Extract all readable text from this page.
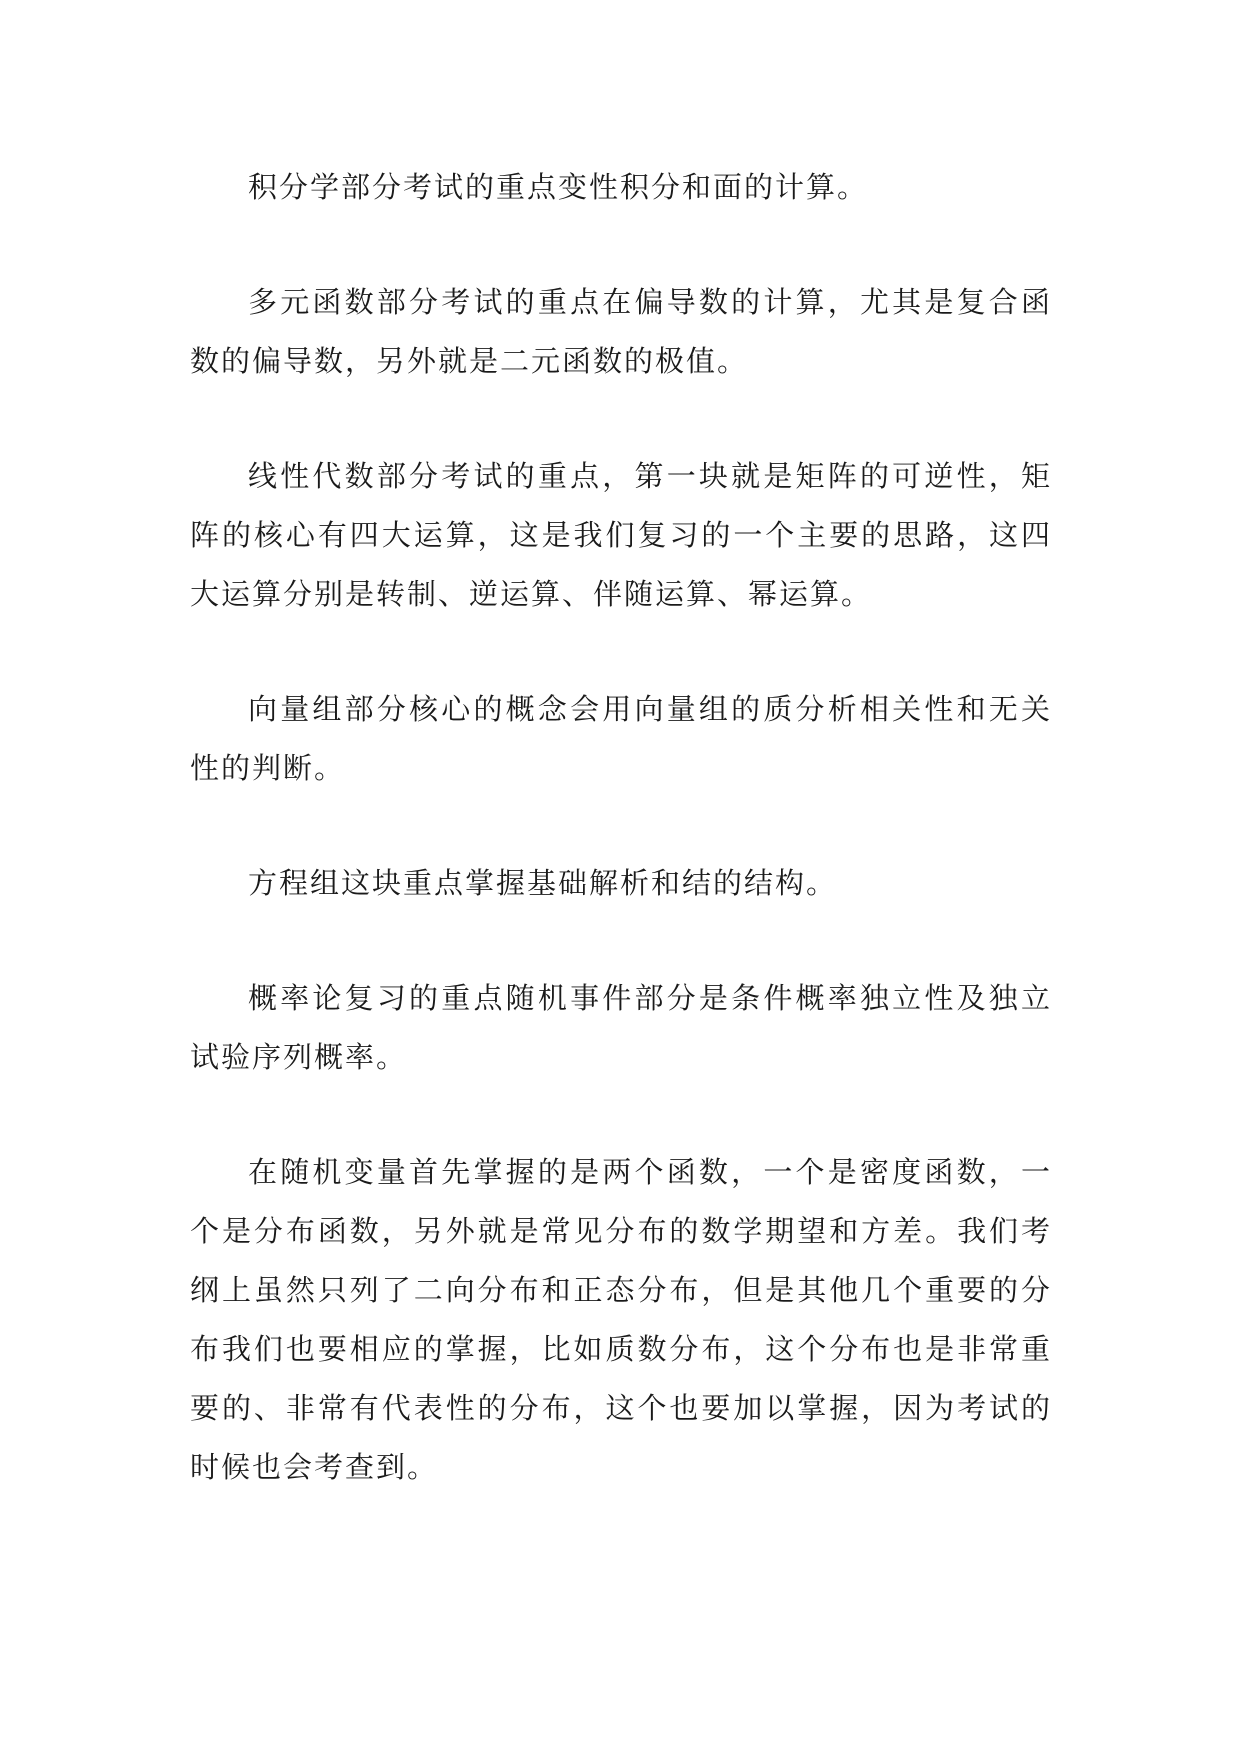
积分学部分考试的重点变性积分和面的计算。

多元函数部分考试的重点在偏导数的计算，尤其是复合函数的偏导数，另外就是二元函数的极值。

线性代数部分考试的重点，第一块就是矩阵的可逆性，矩阵的核心有四大运算，这是我们复习的一个主要的思路，这四大运算分别是转制、逆运算、伴随运算、幂运算。

向量组部分核心的概念会用向量组的质分析相关性和无关性的判断。

方程组这块重点掌握基础解析和结的结构。

概率论复习的重点随机事件部分是条件概率独立性及独立试验序列概率。

在随机变量首先掌握的是两个函数，一个是密度函数，一个是分布函数，另外就是常见分布的数学期望和方差。我们考纲上虽然只列了二向分布和正态分布，但是其他几个重要的分布我们也要相应的掌握，比如质数分布，这个分布也是非常重要的、非常有代表性的分布，这个也要加以掌握，因为考试的时候也会考查到。
